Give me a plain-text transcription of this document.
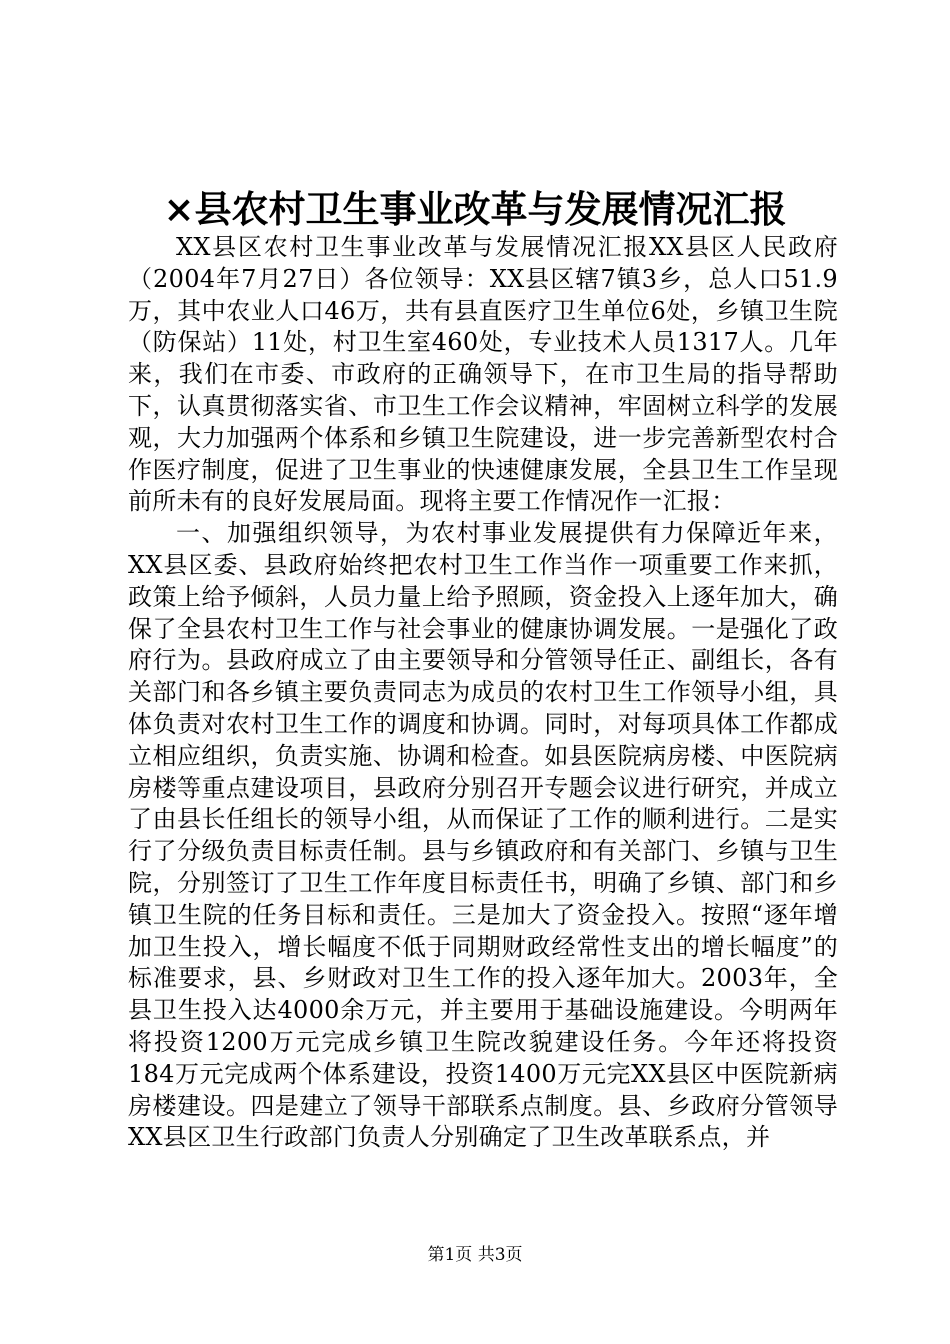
×县农村卫生事业改革与发展情况汇报

XX县区农村卫生事业改革与发展情况汇报XX县区人民政府（2004年7月27日）各位领导：XX县区辖7镇3乡，总人口51.9万，其中农业人口46万，共有县直医疗卫生单位6处，乡镇卫生院（防保站）11处，村卫生室460处，专业技术人员1317人。几年来，我们在市委、市政府的正确领导下，在市卫生局的指导帮助下，认真贯彻落实省、市卫生工作会议精神，牢固树立科学的发展观，大力加强两个体系和乡镇卫生院建设，进一步完善新型农村合作医疗制度，促进了卫生事业的快速健康发展，全县卫生工作呈现前所未有的良好发展局面。现将主要工作情况作一汇报：

一、加强组织领导，为农村事业发展提供有力保障近年来，XX县区委、县政府始终把农村卫生工作当作一项重要工作来抓，政策上给予倾斜，人员力量上给予照顾，资金投入上逐年加大，确保了全县农村卫生工作与社会事业的健康协调发展。一是强化了政府行为。县政府成立了由主要领导和分管领导任正、副组长，各有关部门和各乡镇主要负责同志为成员的农村卫生工作领导小组，具体负责对农村卫生工作的调度和协调。同时，对每项具体工作都成立相应组织，负责实施、协调和检查。如县医院病房楼、中医院病房楼等重点建设项目，县政府分别召开专题会议进行研究，并成立了由县长任组长的领导小组，从而保证了工作的顺利进行。二是实行了分级负责目标责任制。县与乡镇政府和有关部门、乡镇与卫生院，分别签订了卫生工作年度目标责任书，明确了乡镇、部门和乡镇卫生院的任务目标和责任。三是加大了资金投入。按照“逐年增加卫生投入，增长幅度不低于同期财政经常性支出的增长幅度”的标准要求，县、乡财政对卫生工作的投入逐年加大。2003年，全县卫生投入达4000余万元，并主要用于基础设施建设。今明两年将投资1200万元完成乡镇卫生院改貌建设任务。今年还将投资184万元完成两个体系建设，投资1400万元完XX县区中医院新病房楼建设。四是建立了领导干部联系点制度。县、乡政府分管领导XX县区卫生行政部门负责人分别确定了卫生改革联系点，并

第1页 共3页
